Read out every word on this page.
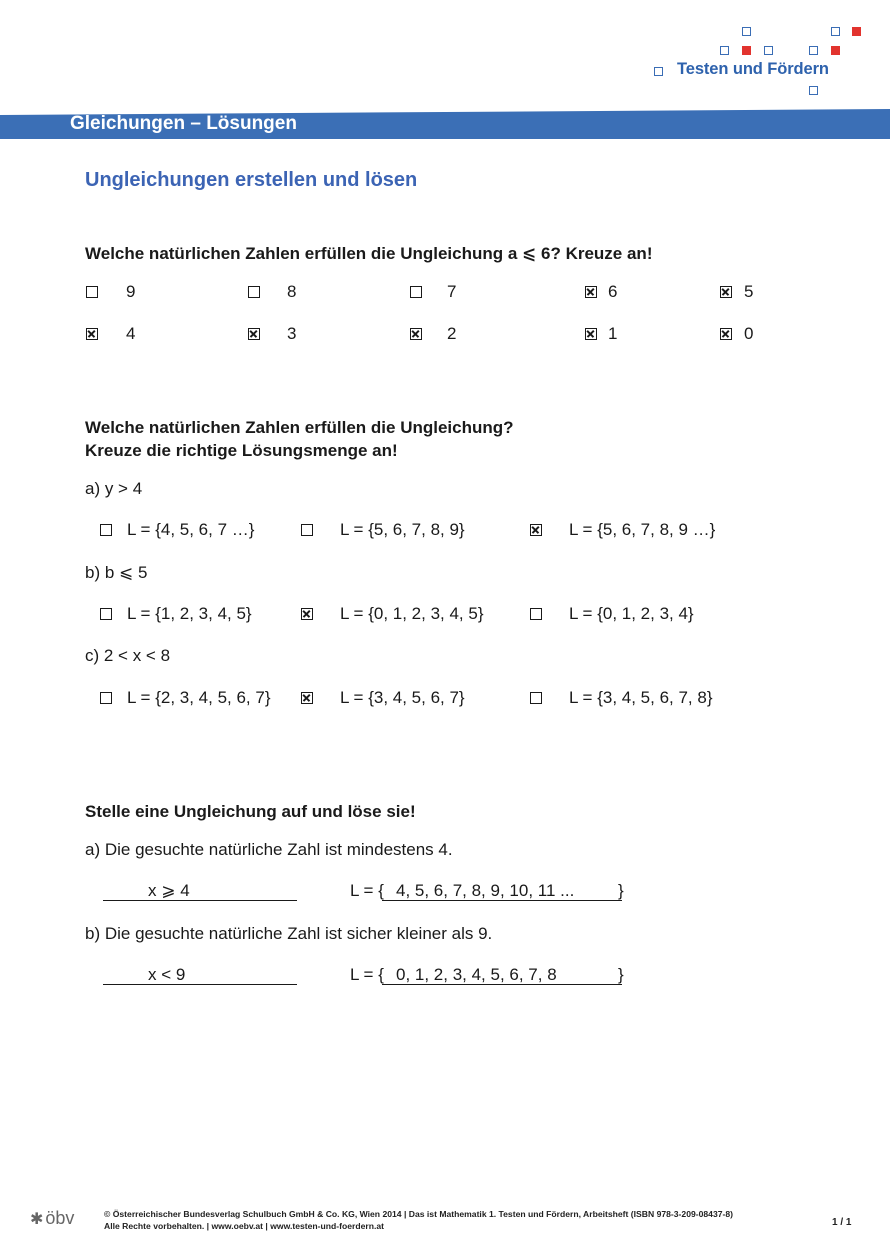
Testen und Fördern
Gleichungen – Lösungen
Ungleichungen erstellen und lösen
Welche natürlichen Zahlen erfüllen die Ungleichung a ⩽ 6? Kreuze an!
9	8	7	6	5
4	3	2	1	0
Welche natürlichen Zahlen erfüllen die Ungleichung?
Kreuze die richtige Lösungsmenge an!
a) y > 4
L = {4, 5, 6, 7 …}	L = {5, 6, 7, 8, 9}	L = {5, 6, 7, 8, 9 …}
b) b ⩽ 5
L = {1, 2, 3, 4, 5}	L = {0, 1, 2, 3, 4, 5}	L = {0, 1, 2, 3, 4}
c) 2 < x < 8
L = {2, 3, 4, 5, 6, 7}	L = {3, 4, 5, 6, 7}	L = {3, 4, 5, 6, 7, 8}
Stelle eine Ungleichung auf und löse sie!
a) Die gesuchte natürliche Zahl ist mindestens 4.
x ⩾ 4	L = { 4, 5, 6, 7, 8, 9, 10, 11 ...	}
b) Die gesuchte natürliche Zahl ist sicher kleiner als 9.
x < 9	L = { 0, 1, 2, 3, 4, 5, 6, 7, 8	}
✱ öbv	© Österreichischer Bundesverlag Schulbuch GmbH & Co. KG, Wien 2014 | Das ist Mathematik 1. Testen und Fördern, Arbeitsheft (ISBN 978-3-209-08437-8)
Alle Rechte vorbehalten. | www.oebv.at | www.testen-und-foerdern.at	1 / 1
